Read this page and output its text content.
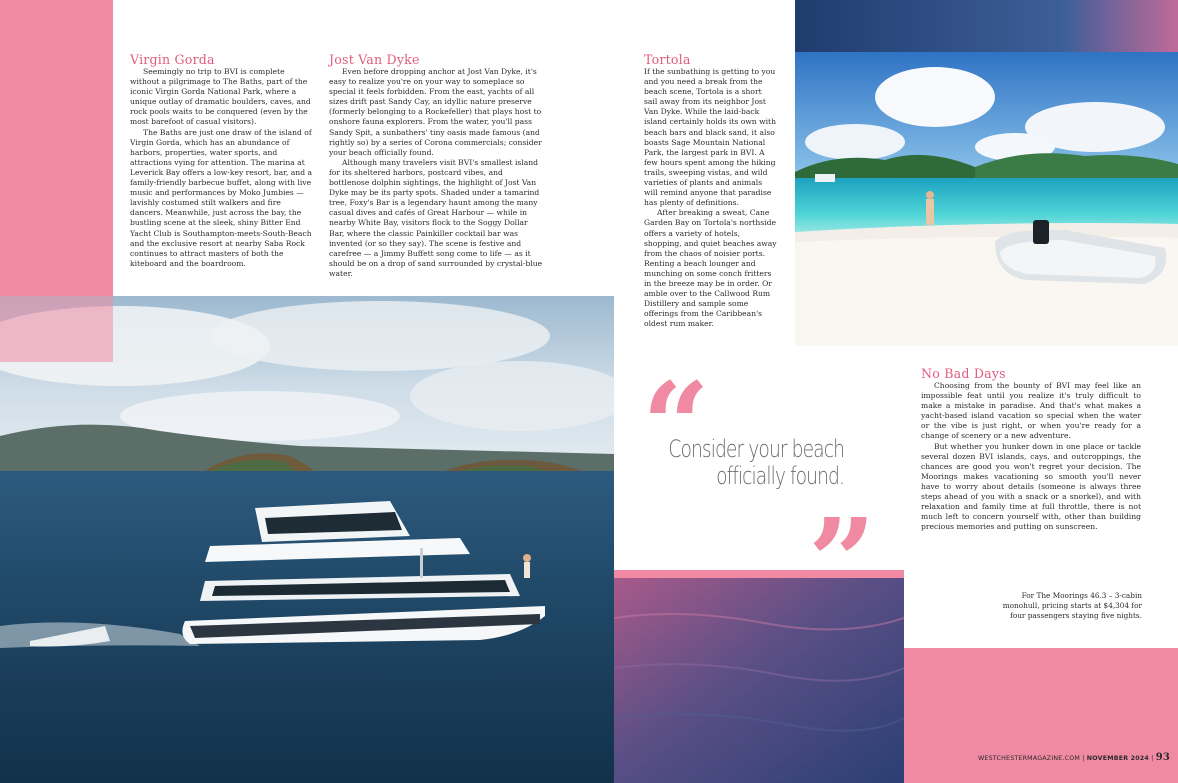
Virgin Gorda

Seemingly no trip to BVI is complete without a pilgrimage to The Baths, part of the iconic Virgin Gorda National Park, where a unique outlay of dramatic boulders, caves, and rock pools waits to be conquered (even by the most barefoot of casual visitors).

The Baths are just one draw of the island of Virgin Gorda, which has an abundance of harbors, properties, water sports, and attractions vying for attention. The marina at Leverick Bay offers a low-key resort, bar, and a family-friendly barbecue buffet, along with live music and performances by Moko Jumbies — lavishly costumed stilt walkers and fire dancers. Meanwhile, just across the bay, the bustling scene at the sleek, shiny Bitter End Yacht Club is Southampton-meets-South-Beach and the exclusive resort at nearby Saba Rock continues to attract masters of both the kiteboard and the boardroom.

Jost Van Dyke

Even before dropping anchor at Jost Van Dyke, it's easy to realize you're on your way to someplace so special it feels forbidden. From the east, yachts of all sizes drift past Sandy Cay, an idyllic nature preserve (formerly belonging to a Rockefeller) that plays host to onshore fauna explorers. From the water, you'll pass Sandy Spit, a sunbathers' tiny oasis made famous (and rightly so) by a series of Corona commercials; consider your beach officially found.

Although many travelers visit BVI's smallest island for its sheltered harbors, postcard vibes, and bottlenose dolphin sightings, the highlight of Jost Van Dyke may be its party spots. Shaded under a tamarind tree, Foxy's Bar is a legendary haunt among the many casual dives and cafés of Great Harbour — while in nearby White Bay, visitors flock to the Soggy Dollar Bar, where the classic Painkiller cocktail bar was invented (or so they say). The scene is festive and carefree — a Jimmy Buffett song come to life — as it should be on a drop of sand surrounded by crystal-blue water.

Tortola

If the sunbathing is getting to you and you need a break from the beach scene, Tortola is a short sail away from its neighbor Jost Van Dyke. While the laid-back island certainly holds its own with beach bars and black sand, it also boasts Sage Mountain National Park, the largest park in BVI. A few hours spent among the hiking trails, sweeping vistas, and wild varieties of plants and animals will remind anyone that paradise has plenty of definitions.

After breaking a sweat, Cane Garden Bay on Tortola's northside offers a variety of hotels, shopping, and quiet beaches away from the chaos of noisier ports. Renting a beach lounger and munching on some conch fritters in the breeze may be in order. Or amble over to the Callwood Rum Distillery and sample some offerings from the Caribbean's oldest rum maker.

“
Consider your beach
officially found.
”
No Bad Days

Choosing from the bounty of BVI may feel like an impossible feat until you realize it's truly difficult to make a mistake in paradise. And that's what makes a yacht-based island vacation so special when the water or the vibe is just right, or when you're ready for a change of scenery or a new adventure.

But whether you hunker down in one place or tackle several dozen BVI islands, cays, and outcroppings, the chances are good you won't regret your decision. The Moorings makes vacationing so smooth you'll never have to worry about details (someone is always three steps ahead of you with a snack or a snorkel), and with relaxation and family time at full throttle, there is not much left to concern yourself with, other than building precious memories and putting on sunscreen.

For The Moorings 46.3 – 3-cabin monohull, pricing starts at $4,304 for four passengers staying five nights.
WESTCHESTERMAGAZINE.COM | NOVEMBER 2024 | 93
